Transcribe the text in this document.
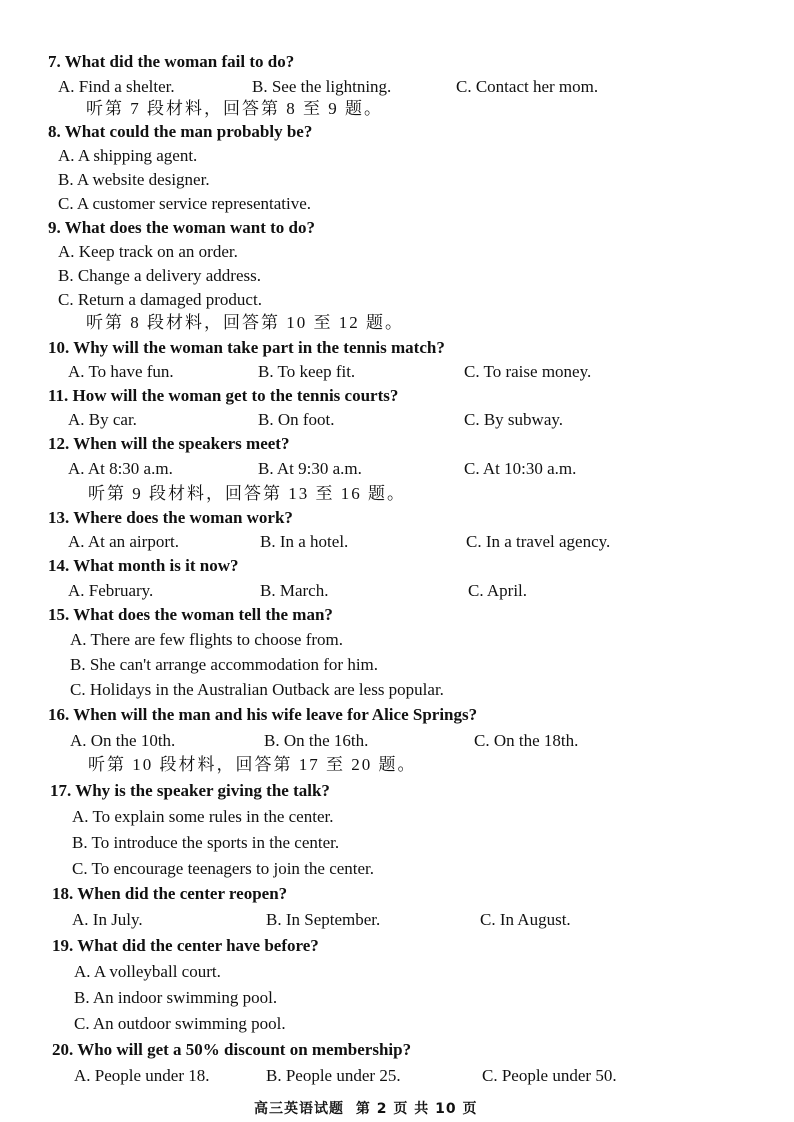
7. What did the woman fail to do?
A. Find a shelter.	B. See the lightning.	C. Contact her mom.
听第 7 段材料，回答第 8 至 9 题。
8. What could the man probably be?
A. A shipping agent.
B. A website designer.
C. A customer service representative.
9. What does the woman want to do?
A. Keep track on an order.
B. Change a delivery address.
C. Return a damaged product.
听第 8 段材料，回答第 10 至 12 题。
10. Why will the woman take part in the tennis match?
A. To have fun.	B. To keep fit.	C. To raise money.
11. How will the woman get to the tennis courts?
A. By car.	B. On foot.	C. By subway.
12. When will the speakers meet?
A. At 8:30 a.m.	B. At 9:30 a.m.	C. At 10:30 a.m.
听第 9 段材料，回答第 13 至 16 题。
13. Where does the woman work?
A. At an airport.	B. In a hotel.	C. In a travel agency.
14. What month is it now?
A. February.	B. March.	C. April.
15. What does the woman tell the man?
A. There are few flights to choose from.
B. She can't arrange accommodation for him.
C. Holidays in the Australian Outback are less popular.
16. When will the man and his wife leave for Alice Springs?
A. On the 10th.	B. On the 16th.	C. On the 18th.
听第 10 段材料，回答第 17 至 20 题。
17. Why is the speaker giving the talk?
A. To explain some rules in the center.
B. To introduce the sports in the center.
C. To encourage teenagers to join the center.
18. When did the center reopen?
A. In July.	B. In September.	C. In August.
19. What did the center have before?
A. A volleyball court.
B. An indoor swimming pool.
C. An outdoor swimming pool.
20. Who will get a 50% discount on membership?
A. People under 18.	B. People under 25.	C. People under 50.
高三英语试题 第 2 页 共 10 页
